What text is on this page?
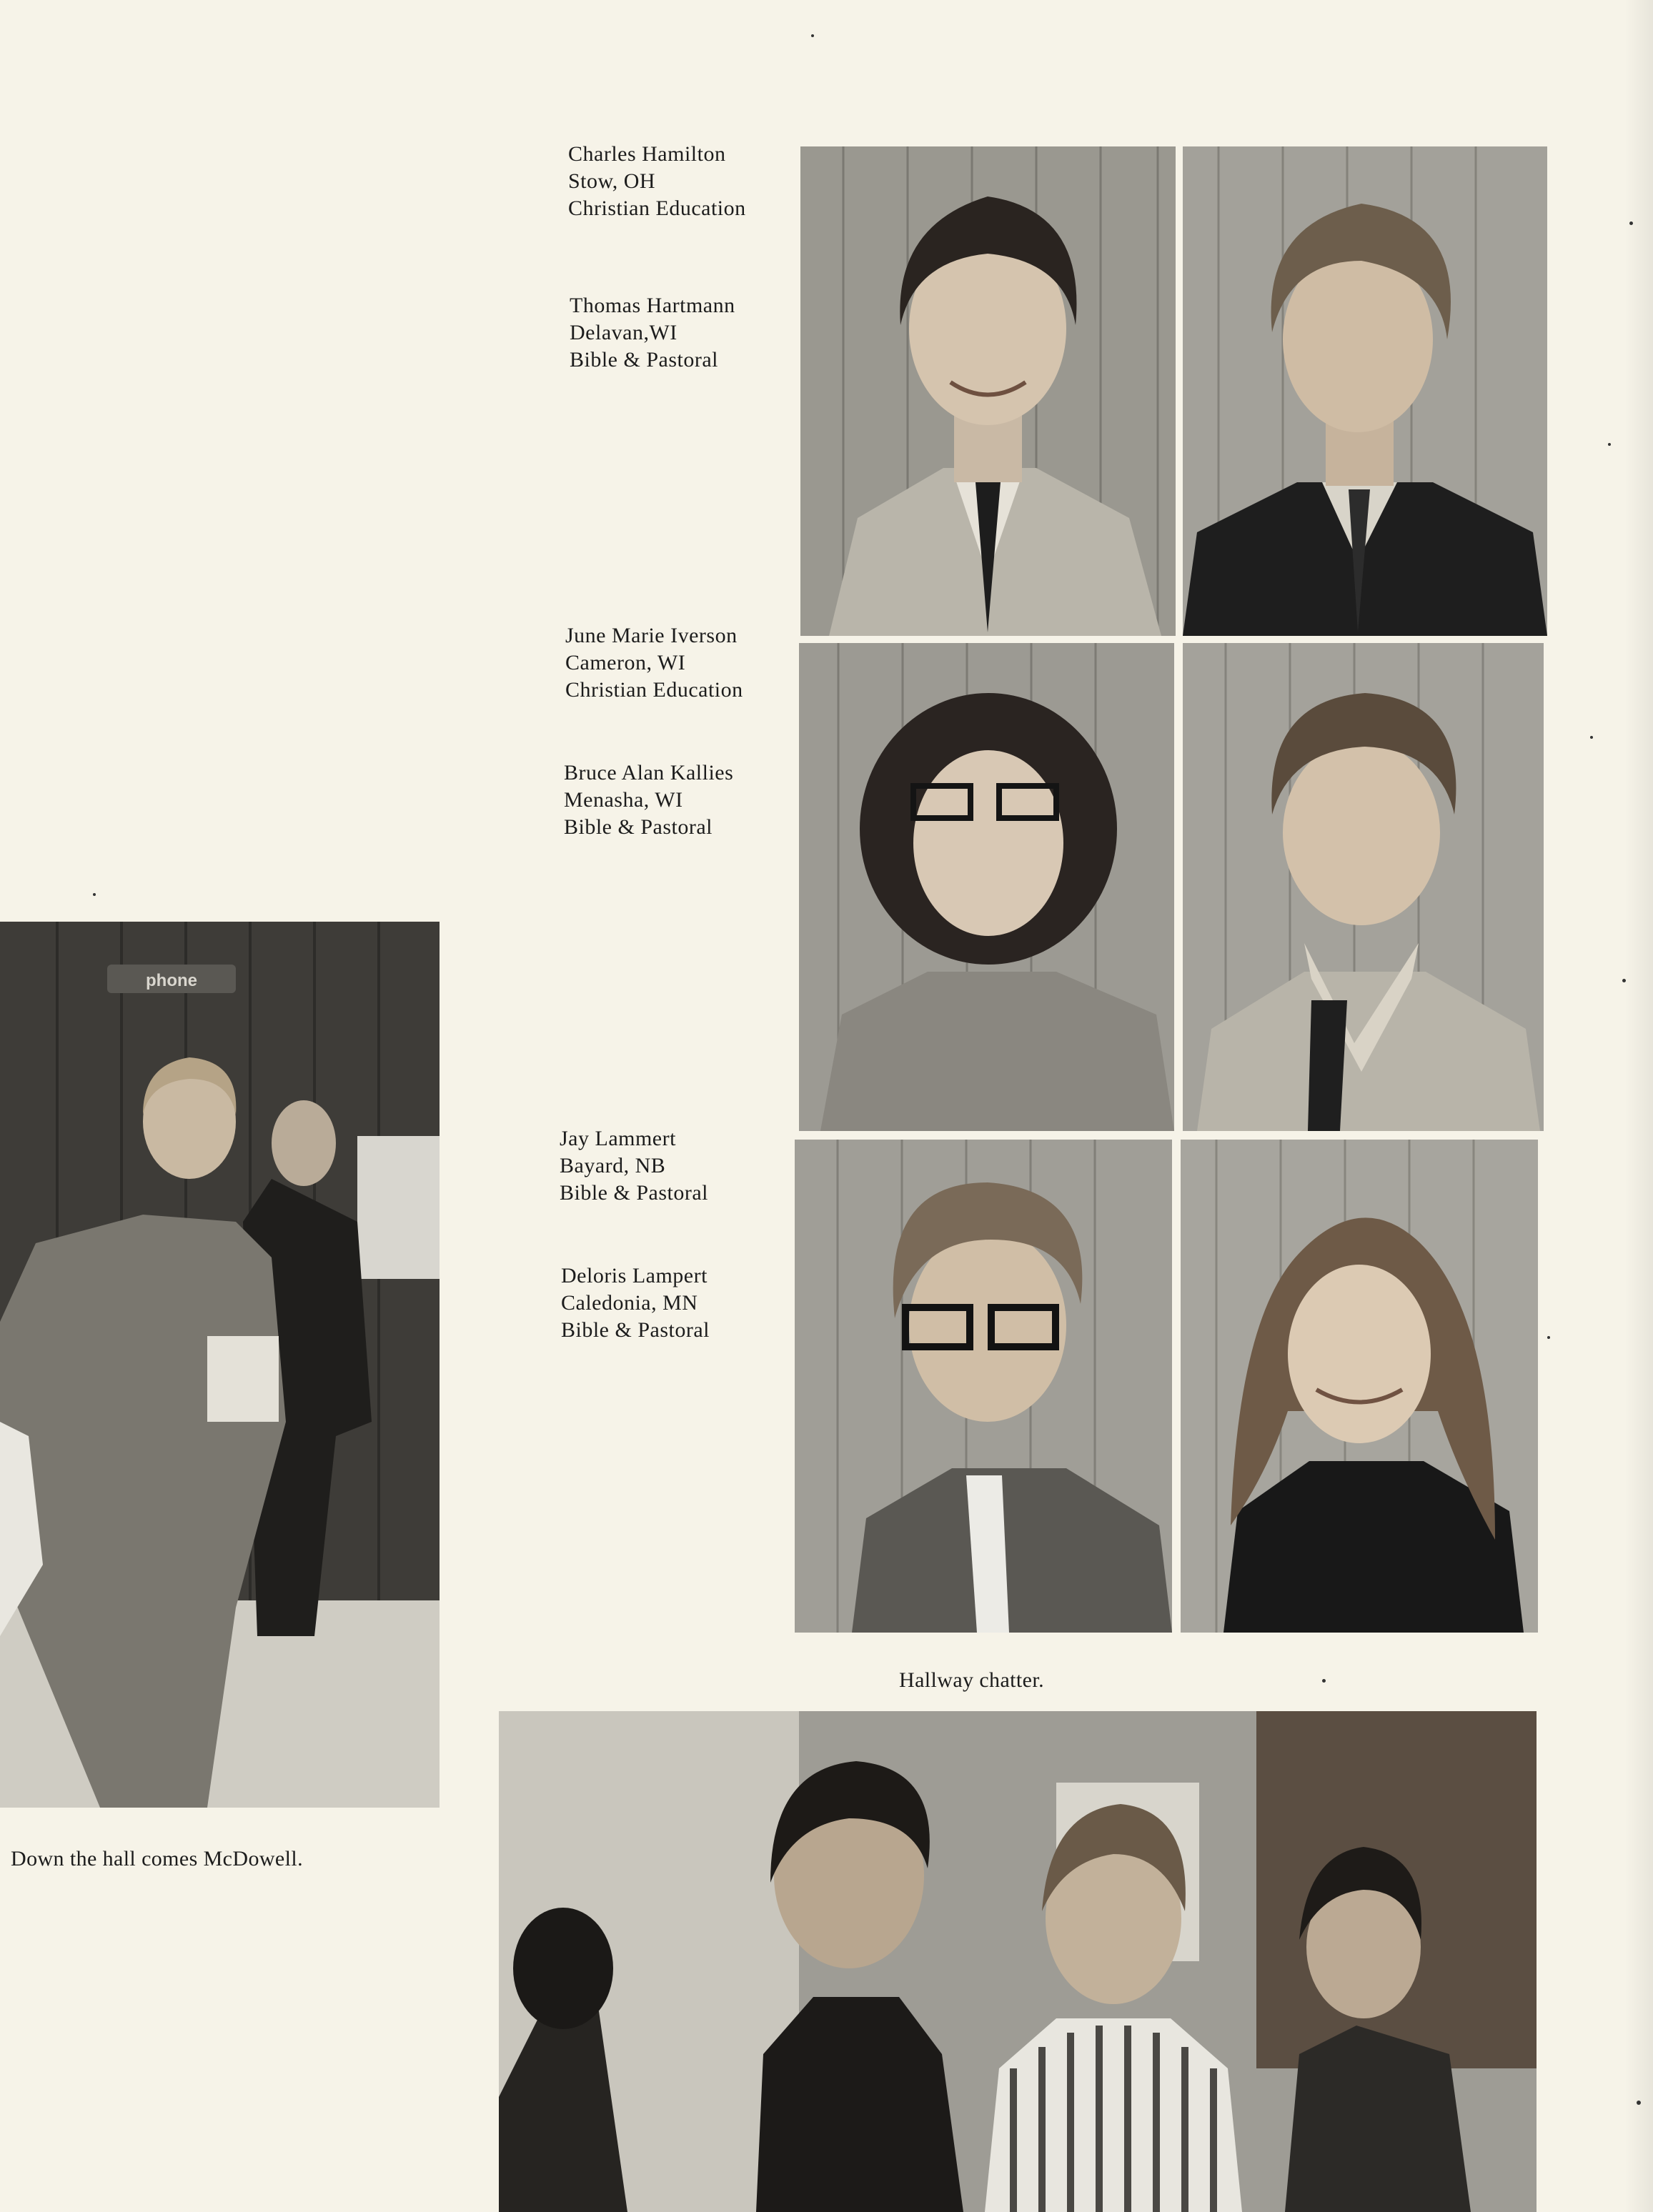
Charles Hamilton
Stow, OH
Christian Education
Thomas Hartmann
Delavan,WI
Bible & Pastoral
June Marie Iverson
Cameron, WI
Christian Education
Bruce Alan Kallies
Menasha, WI
Bible & Pastoral
Jay Lammert
Bayard, NB
Bible & Pastoral
Deloris Lampert
Caledonia, MN
Bible & Pastoral
phone
Down the hall comes McDowell.
Hallway chatter.
